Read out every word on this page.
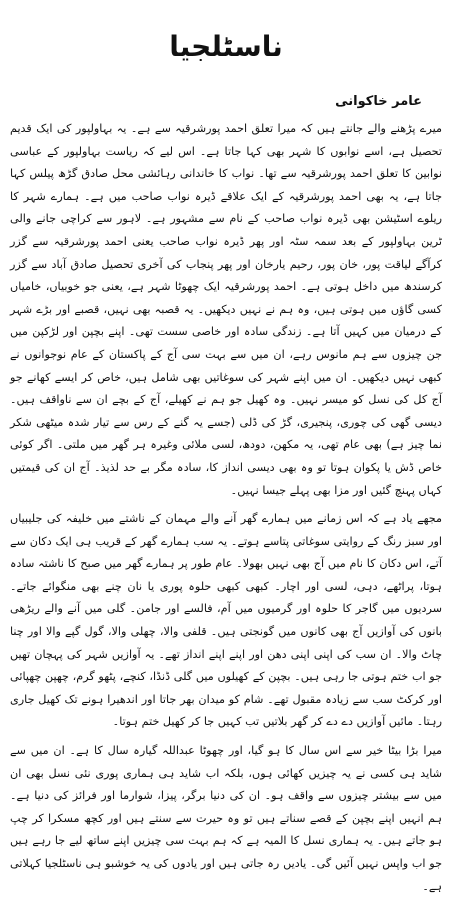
ناسٹلجیا
عامر خاکوانی

میرے پڑھنے والے جانتے ہیں کہ میرا تعلق احمد پورشرقیہ سے ہے۔ یہ بہاولپور کی ایک قدیم تحصیل ہے، اسے نوابوں کا شہر بھی کہا جاتا ہے۔ اس لیے کہ ریاست بہاولپور کے عباسی نوابین کا تعلق احمد پورشرقیہ سے تھا۔ نواب کا خاندانی رہائشی محل صادق گڑھ پیلس کہا جاتا ہے، یہ بھی احمد پورشرقیہ کے ایک علاقے ڈیرہ نواب صاحب میں ہے۔ ہمارے شہر کا ریلوے اسٹیشن بھی ڈیرہ نواب صاحب کے نام سے مشہور ہے۔ لاہور سے کراچی جانے والی ٹرین بہاولپور کے بعد سمہ سٹہ اور پھر ڈیرہ نواب صاحب یعنی احمد پورشرقیہ سے گزر کرآگے لیاقت پور، خان پور، رحیم یارخان اور پھر پنجاب کی آخری تحصیل صادق آباد سے گزر کرسندھ میں داخل ہوتی ہے۔ احمد پورشرقیہ ایک چھوٹا شہر ہے، یعنی جو خوبیاں، خامیاں کسی گاؤں میں ہوتی ہیں، وہ ہم نے نہیں دیکھیں۔ یہ قصبہ بھی نہیں، قصبے اور بڑے شہر کے درمیان میں کہیں آتا ہے۔ زندگی سادہ اور خاصی سست تھی۔ اپنے بچپن اور لڑکپن میں جن چیزوں سے ہم مانوس رہے، ان میں سے بہت سی آج کے پاکستان کے عام نوجوانوں نے کبھی نہیں دیکھیں۔ ان میں اپنے شہر کی سوغاتیں بھی شامل ہیں، خاص کر ایسے کھانے جو آج کل کی نسل کو میسر نہیں۔ وہ کھیل جو ہم نے کھیلے، آج کے بچے ان سے ناواقف ہیں۔ دیسی گھی کی چوری، پنجیری، گڑ کی ڈلی (جسے یہ گنے کے رس سے تیار شدہ میٹھی شکر نما چیز ہے) بھی عام تھی، یہ مکھن، دودھ، لسی ملائی وغیرہ ہر گھر میں ملتی۔ اگر کوئی خاص ڈش یا پکوان ہوتا تو وہ بھی دیسی انداز کا، سادہ مگر بے حد لذیذ۔ آج ان کی قیمتیں کہاں پہنچ گئیں اور مزا بھی پہلے جیسا نہیں۔

مجھے یاد ہے کہ اس زمانے میں ہمارے گھر آنے والے مہمان کے ناشتے میں خلیفہ کی جلیبیاں اور سبز رنگ کے روایتی سوغاتی پتاسے ہوتے۔ یہ سب ہمارے گھر کے قریب ہی ایک دکان سے آتے، اس دکان کا نام میں آج بھی نہیں بھولا۔ عام طور پر ہمارے گھر میں صبح کا ناشتہ سادہ ہوتا، پراٹھے، دہی، لسی اور اچار۔ کبھی کبھی حلوہ پوری یا نان چنے بھی منگوائے جاتے۔ سردیوں میں گاجر کا حلوہ اور گرمیوں میں آم، فالسے اور جامن۔ گلی میں آنے والے ریڑھی بانوں کی آوازیں آج بھی کانوں میں گونجتی ہیں۔ قلفی والا، چھلی والا، گول گپے والا اور چنا چاٹ والا۔ ان سب کی اپنی اپنی دھن اور اپنے اپنے انداز تھے۔ یہ آوازیں شہر کی پہچان تھیں جو اب ختم ہوتی جا رہی ہیں۔ بچپن کے کھیلوں میں گلی ڈنڈا، کنچے، پٹھو گرم، چھپن چھپائی اور کرکٹ سب سے زیادہ مقبول تھے۔ شام کو میدان بھر جاتا اور اندھیرا ہونے تک کھیل جاری رہتا۔ مائیں آوازیں دے دے کر گھر بلاتیں تب کہیں جا کر کھیل ختم ہوتا۔

میرا بڑا بیٹا خیر سے اس سال کا ہو گیا، اور چھوٹا عبداللہ گیارہ سال کا ہے۔ ان میں سے شاید ہی کسی نے یہ چیزیں کھائی ہوں، بلکہ اب شاید ہی ہماری پوری نئی نسل بھی ان میں سے بیشتر چیزوں سے واقف ہو۔ ان کی دنیا برگر، پیزا، شوارما اور فرائز کی دنیا ہے۔ ہم انہیں اپنے بچپن کے قصے سناتے ہیں تو وہ حیرت سے سنتے ہیں اور کچھ مسکرا کر چپ ہو جاتے ہیں۔ یہ ہماری نسل کا المیہ ہے کہ ہم بہت سی چیزیں اپنے ساتھ لیے جا رہے ہیں جو اب واپس نہیں آئیں گی۔ یادیں رہ جاتی ہیں اور یادوں کی یہ خوشبو ہی ناسٹلجیا کہلاتی ہے۔
